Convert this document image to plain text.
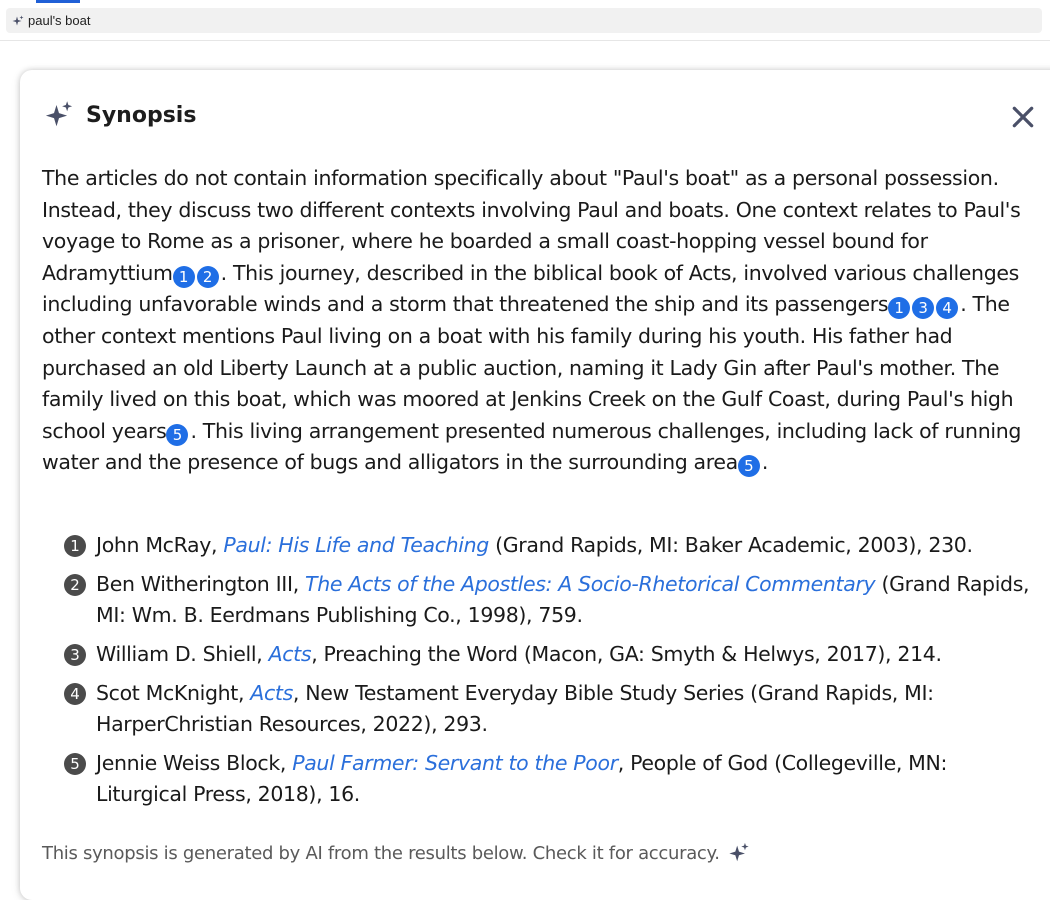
paul's boat
Synopsis
The articles do not contain information specifically about "Paul's boat" as a personal possession. Instead, they discuss two different contexts involving Paul and boats. One context relates to Paul's voyage to Rome as a prisoner, where he boarded a small coast-hopping vessel bound for Adramyttium 1 2 . This journey, described in the biblical book of Acts, involved various challenges including unfavorable winds and a storm that threatened the ship and its passengers 1 3 4 . The other context mentions Paul living on a boat with his family during his youth. His father had purchased an old Liberty Launch at a public auction, naming it Lady Gin after Paul's mother. The family lived on this boat, which was moored at Jenkins Creek on the Gulf Coast, during Paul's high school years 5 . This living arrangement presented numerous challenges, including lack of running water and the presence of bugs and alligators in the surrounding area 5 .
1 John McRay, Paul: His Life and Teaching (Grand Rapids, MI: Baker Academic, 2003), 230.
2 Ben Witherington III, The Acts of the Apostles: A Socio-Rhetorical Commentary (Grand Rapids, MI: Wm. B. Eerdmans Publishing Co., 1998), 759.
3 William D. Shiell, Acts, Preaching the Word (Macon, GA: Smyth & Helwys, 2017), 214.
4 Scot McKnight, Acts, New Testament Everyday Bible Study Series (Grand Rapids, MI: HarperChristian Resources, 2022), 293.
5 Jennie Weiss Block, Paul Farmer: Servant to the Poor, People of God (Collegeville, MN: Liturgical Press, 2018), 16.
This synopsis is generated by AI from the results below. Check it for accuracy.
